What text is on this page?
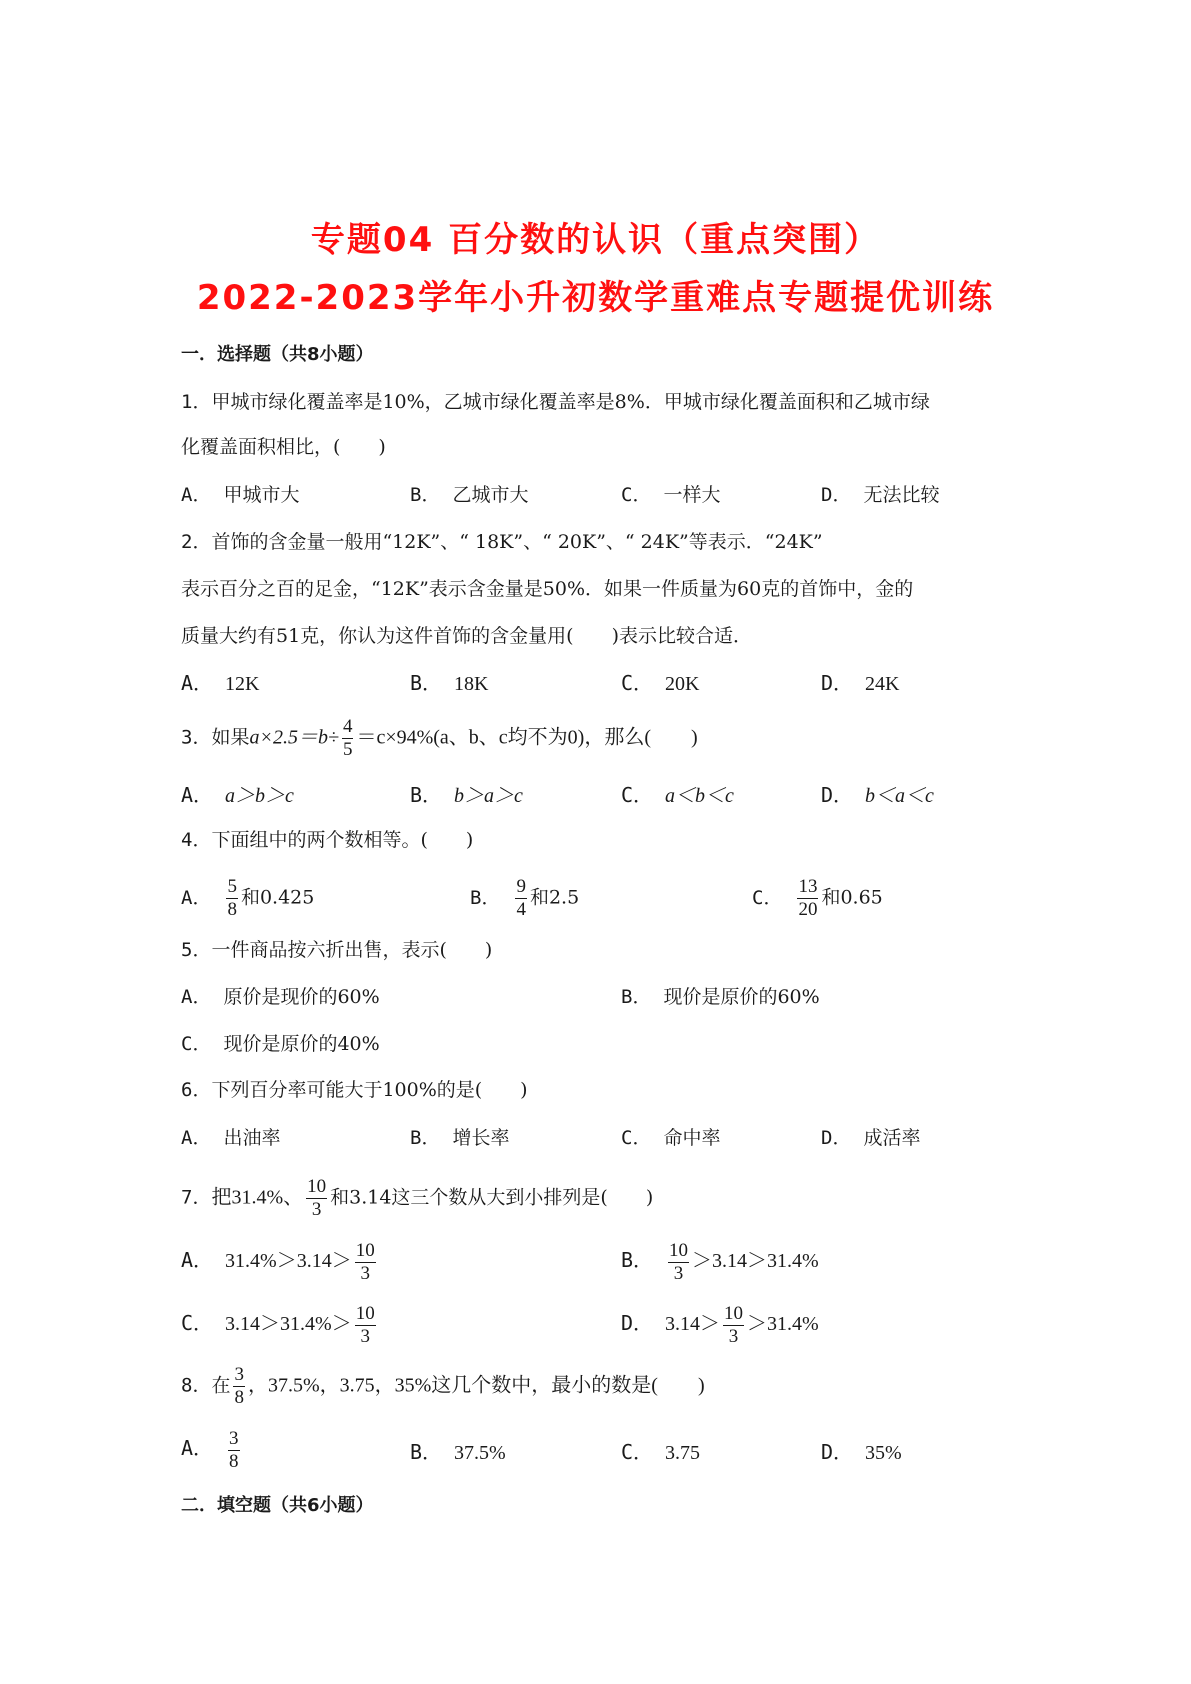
专题04 百分数的认识（重点突围）
2022-2023学年小升初数学重难点专题提优训练
一．选择题（共8小题）
1．甲城市绿化覆盖率是10%，乙城市绿化覆盖率是8%．甲城市绿化覆盖面积和乙城市绿
化覆盖面积相比，(　　)
A． 甲城市大	B． 乙城市大	C． 一样大	D． 无法比较
2．首饰的含金量一般用“12K”、“ 18K”、“ 20K”、“ 24K”等表示．“24K”
表示百分之百的足金，“12K”表示含金量是50%．如果一件质量为60克的首饰中，金的
质量大约有51克，你认为这件首饰的含金量用(　　)表示比较合适．
A． 12K	B． 18K	C． 20K	D． 24K
3．如果$a\times 2.5=b\div \frac{4}{5} =c\times 94\%(a$、b、c均不为0)，那么(　　)
A． a＞b＞c	B． b＞a＞c	C． a＜b＜c	D． b＜a＜c
4．下面组中的两个数相等。(　　)
A． $\frac{5}{8}$ 和0.425	B． $\frac{9}{4}$ 和2.5	C． $\frac{13}{20}$ 和0.65
5．一件商品按六折出售，表示(　　)
A． 原价是现价的60%	B． 现价是原价的60%
C． 现价是原价的40%
6．下列百分率可能大于100%的是(　　)
A． 出油率	B． 增长率	C． 命中率	D． 成活率
7．把31.4%、 $\frac{10}{3}$ 和3.14这三个数从大到小排列是(　　)
A． $31.4\%>3.14> \frac{10}{3}$	B． $\frac{10}{3} >3.14>31.4\%$
C． $3.14>31.4\%> \frac{10}{3}$	D． $3.14> \frac{10}{3} >31.4\%$
8．在 $\frac{3}{8}$ ，37.5%，3.75，35%这几个数中，最小的数是(　　)
A． $\frac{3}{8}$	B． 37.5%	C． 3.75	D． 35%
二．填空题（共6小题）
